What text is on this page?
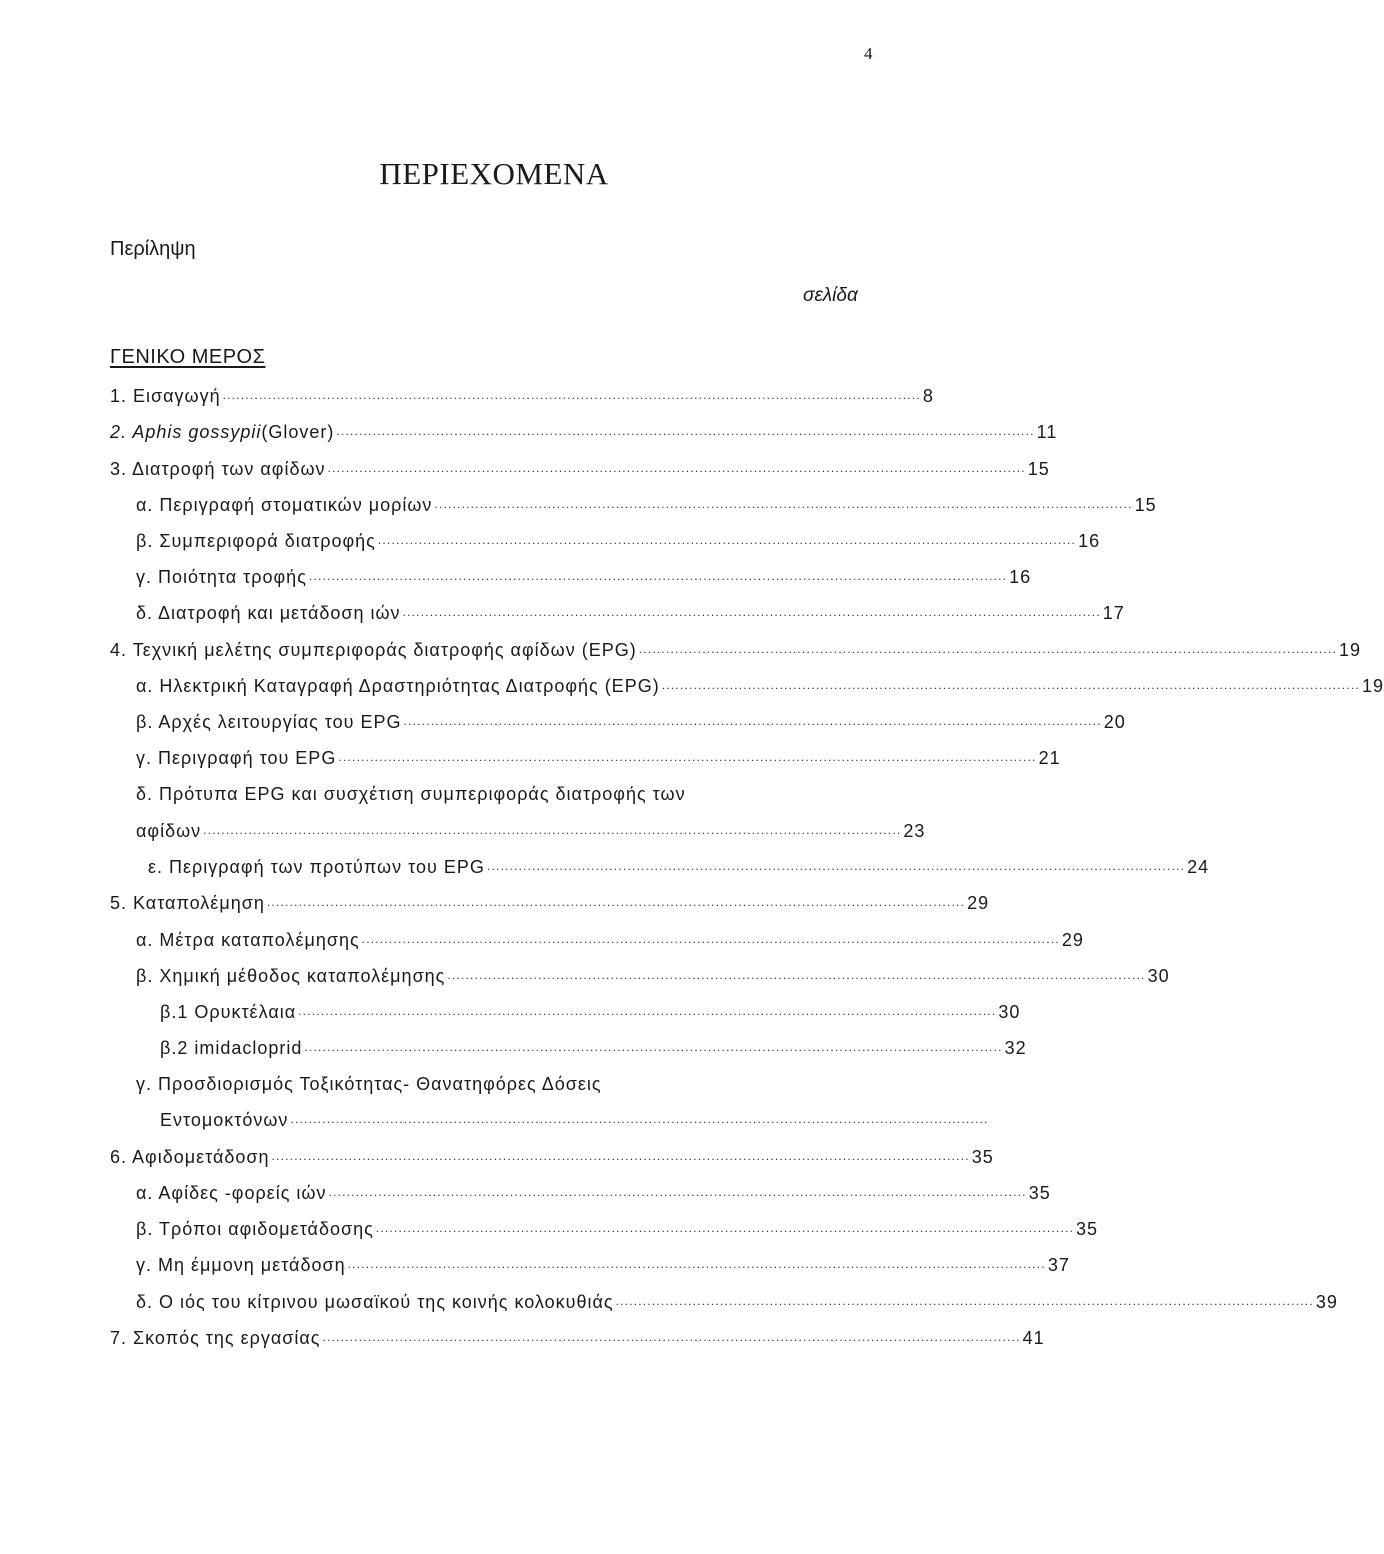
4
ΠΕΡΙΕΧΟΜΕΝΑ
Περίληψη
σελίδα
ΓΕΝΙΚΟ ΜΕΡΟΣ
1. Εισαγωγή .......................................................................................................................................................... 8
2. Aphis gossypii(Glover) .......................................................................................................................................................... 11
3. Διατροφή των αφίδων .......................................................................................................................................................... 15
α. Περιγραφή στοματικών μορίων .......................................................................................................................................................... 15
β. Συμπεριφορά διατροφής .......................................................................................................................................................... 16
γ. Ποιότητα τροφής .......................................................................................................................................................... 16
δ. Διατροφή και μετάδοση ιών .......................................................................................................................................................... 17
4. Τεχνική μελέτης συμπεριφοράς διατροφής αφίδων (EPG) .......................................................................................................................................................... 19
α. Ηλεκτρική Καταγραφή Δραστηριότητας Διατροφής (EPG) .......................................................................................................................................................... 19
β. Αρχές λειτουργίας του EPG .......................................................................................................................................................... 20
γ. Περιγραφή του EPG .......................................................................................................................................................... 21
δ. Πρότυπα EPG και συσχέτιση συμπεριφοράς διατροφής των
αφίδων .......................................................................................................................................................... 23
ε. Περιγραφή των προτύπων του EPG .......................................................................................................................................................... 24
5. Καταπολέμηση .......................................................................................................................................................... 29
α. Μέτρα καταπολέμησης .......................................................................................................................................................... 29
β. Χημική μέθοδος καταπολέμησης .......................................................................................................................................................... 30
β.1 Ορυκτέλαια .......................................................................................................................................................... 30
β.2 imidacloprid .......................................................................................................................................................... 32
γ. Προσδιορισμός Τοξικότητας- Θανατηφόρες Δόσεις
Εντομοκτόνων ..........................................................................................................................................................
6. Αφιδομετάδοση .......................................................................................................................................................... 35
α. Αφίδες -φορείς ιών .......................................................................................................................................................... 35
β. Τρόποι αφιδομετάδοσης .......................................................................................................................................................... 35
γ. Μη έμμονη μετάδοση .......................................................................................................................................................... 37
δ. Ο ιός του κίτρινου μωσαϊκού της κοινής κολοκυθιάς .......................................................................................................................................................... 39
7. Σκοπός της εργασίας .......................................................................................................................................................... 41
